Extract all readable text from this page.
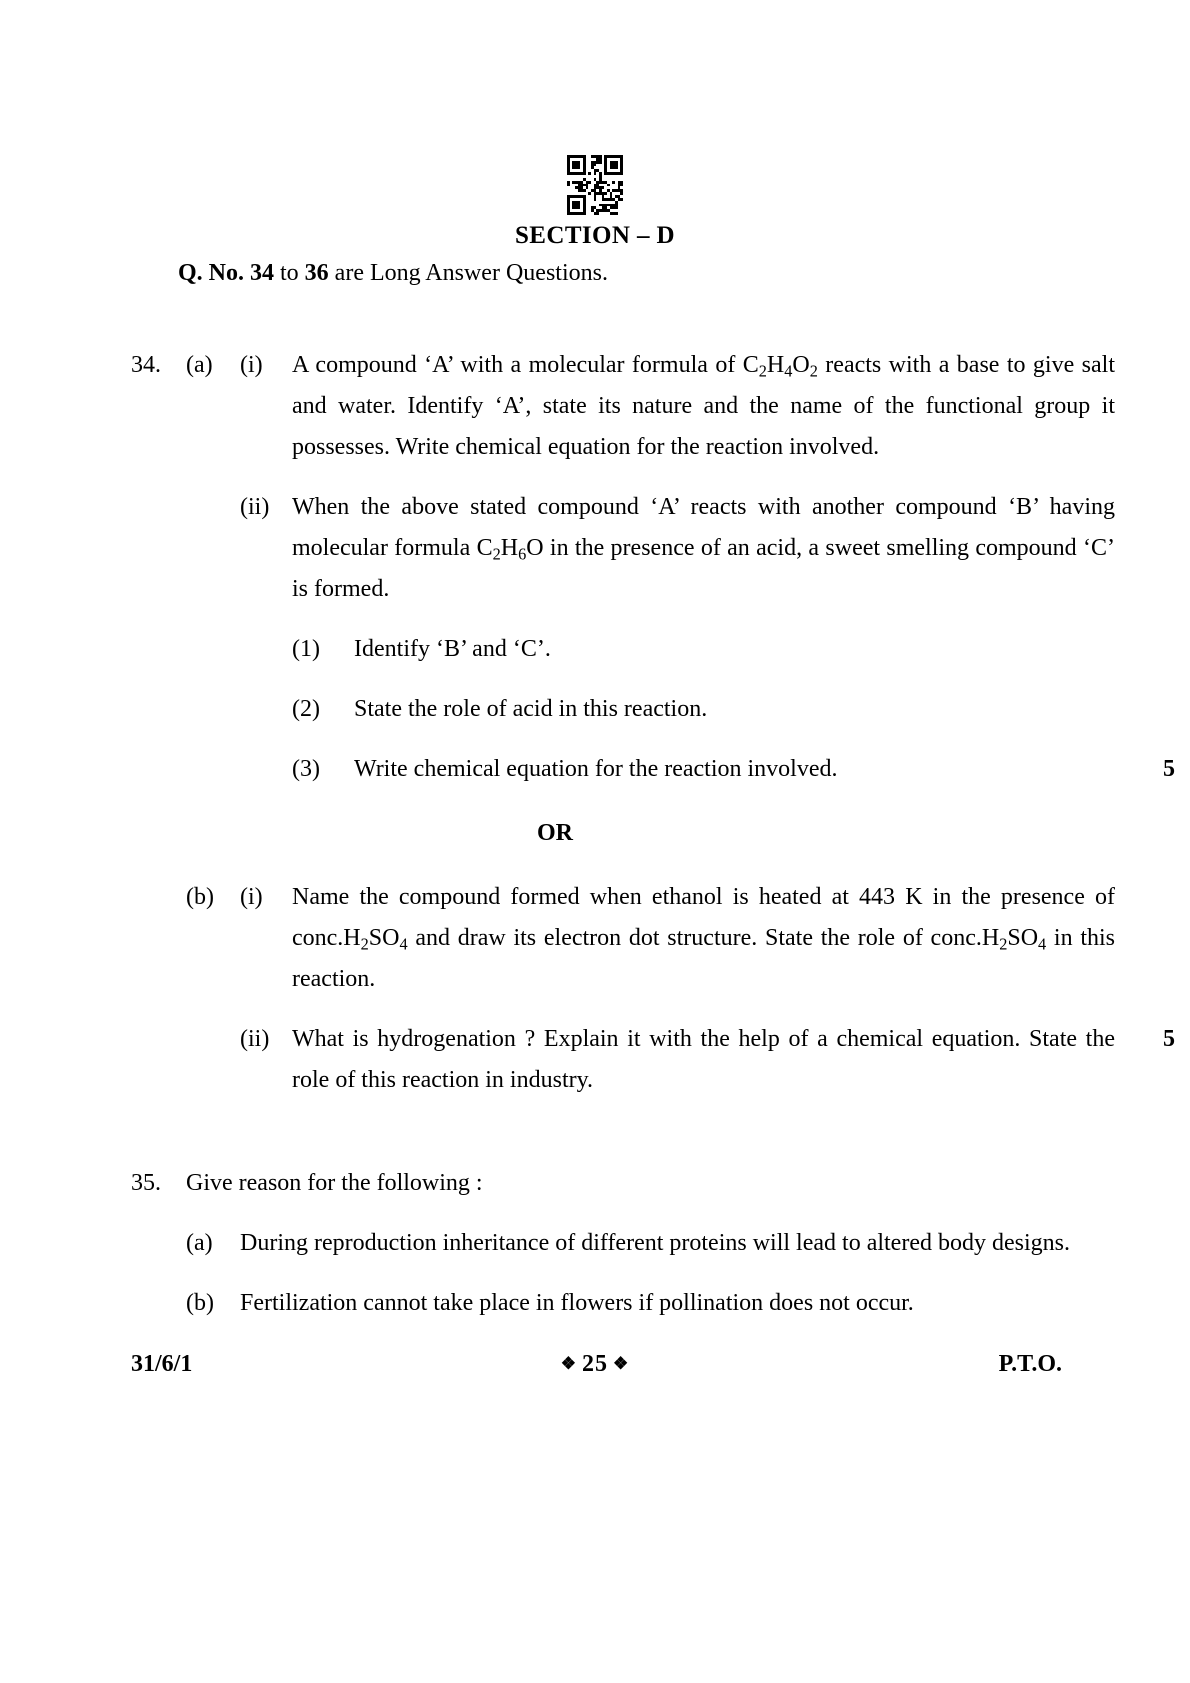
SECTION – D
Q. No. 34 to 36 are Long Answer Questions.
34.	(a)	(i)	A compound ‘A’ with a molecular formula of $C_2H_4O_2$ reacts with a base to give salt and water. Identify ‘A’, state its nature and the name of the functional group it possesses. Write chemical equation for the reaction involved.
(ii) When the above stated compound ‘A’ reacts with another compound ‘B’ having molecular formula $C_2H_6O$ in the presence of an acid, a sweet smelling compound ‘C’ is formed.
(1)	Identify ‘B’ and ‘C’.
(2)	State the role of acid in this reaction.
(3)	Write chemical equation for the reaction involved.	5
OR
(b)	(i)	Name the compound formed when ethanol is heated at 443 K in the presence of $conc.H_2SO_4$ and draw its electron dot structure. State the role of $conc.H_2SO_4$ in this reaction.
(ii) What is hydrogenation ? Explain it with the help of a chemical equation. State the role of this reaction in industry.
5
35.	Give reason for the following :
(a)	During reproduction inheritance of different proteins will lead to altered body designs.
(b)	Fertilization cannot take place in flowers if pollination does not occur.
31/6/1	❖ 25 ❖	P.T.O.
